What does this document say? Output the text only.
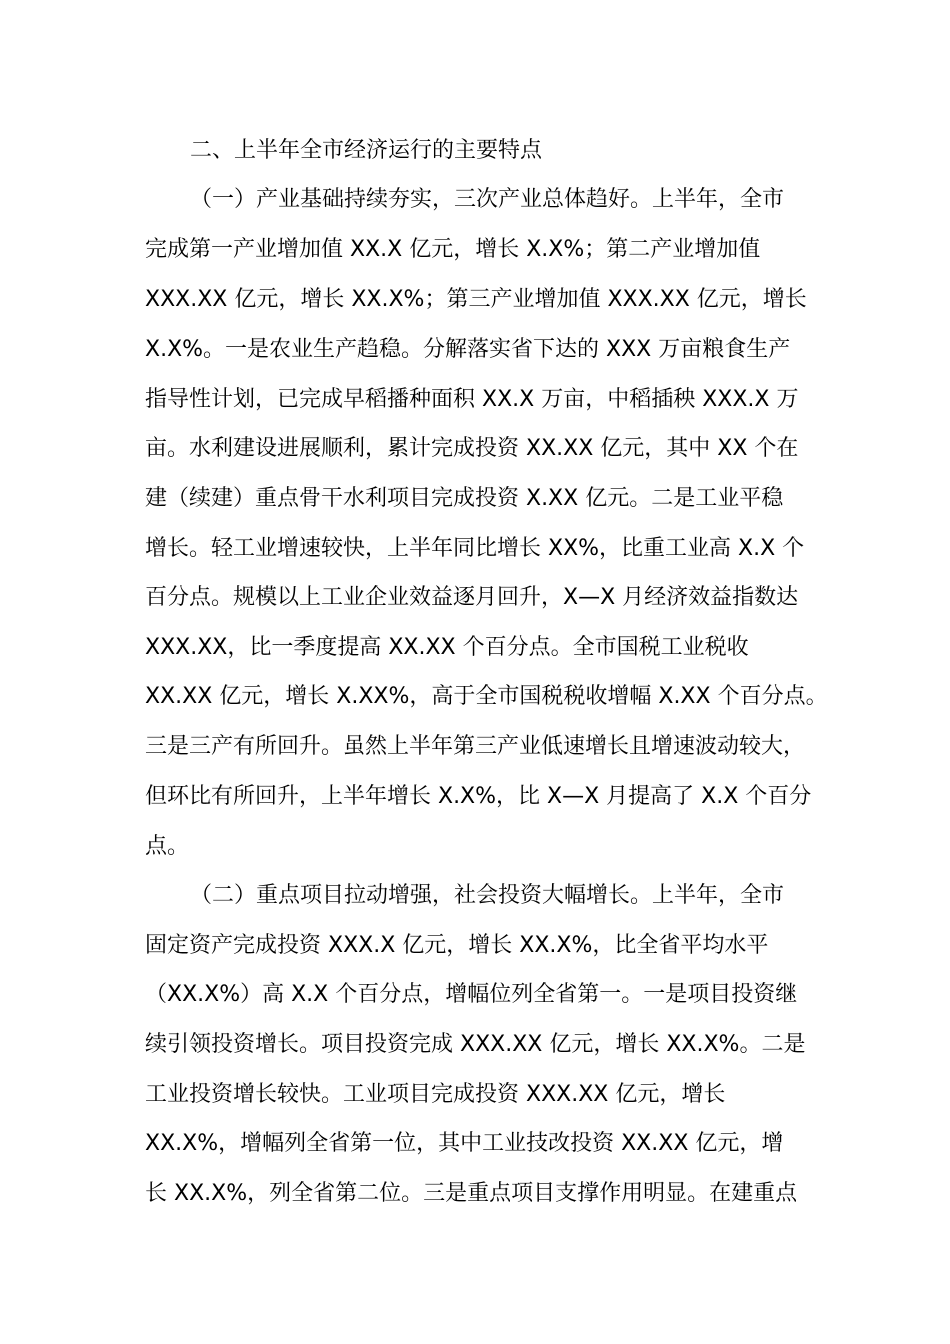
二、上半年全市经济运行的主要特点
（一）产业基础持续夯实，三次产业总体趋好。上半年，全市
完成第一产业增加值 XX.X 亿元，增长 X.X%；第二产业增加值
XXX.XX 亿元，增长 XX.X%；第三产业增加值 XXX.XX 亿元，增长
X.X%。一是农业生产趋稳。分解落实省下达的 XXX 万亩粮食生产
指导性计划，已完成早稻播种面积 XX.X 万亩，中稻插秧 XXX.X 万
亩。水利建设进展顺利，累计完成投资 XX.XX 亿元，其中 XX 个在
建（续建）重点骨干水利项目完成投资 X.XX 亿元。二是工业平稳
增长。轻工业增速较快，上半年同比增长 XX%，比重工业高 X.X 个
百分点。规模以上工业企业效益逐月回升，X—X 月经济效益指数达
XXX.XX，比一季度提高 XX.XX 个百分点。全市国税工业税收
XX.XX 亿元，增长 X.XX%，高于全市国税税收增幅 X.XX 个百分点。
三是三产有所回升。虽然上半年第三产业低速增长且增速波动较大，
但环比有所回升，上半年增长 X.X%，比 X—X 月提高了 X.X 个百分
点。
（二）重点项目拉动增强，社会投资大幅增长。上半年，全市
固定资产完成投资 XXX.X 亿元，增长 XX.X%，比全省平均水平
（XX.X%）高 X.X 个百分点，增幅位列全省第一。一是项目投资继
续引领投资增长。项目投资完成 XXX.XX 亿元，增长 XX.X%。二是
工业投资增长较快。工业项目完成投资 XXX.XX 亿元，增长
XX.X%，增幅列全省第一位，其中工业技改投资 XX.XX 亿元，增
长 XX.X%，列全省第二位。三是重点项目支撑作用明显。在建重点
